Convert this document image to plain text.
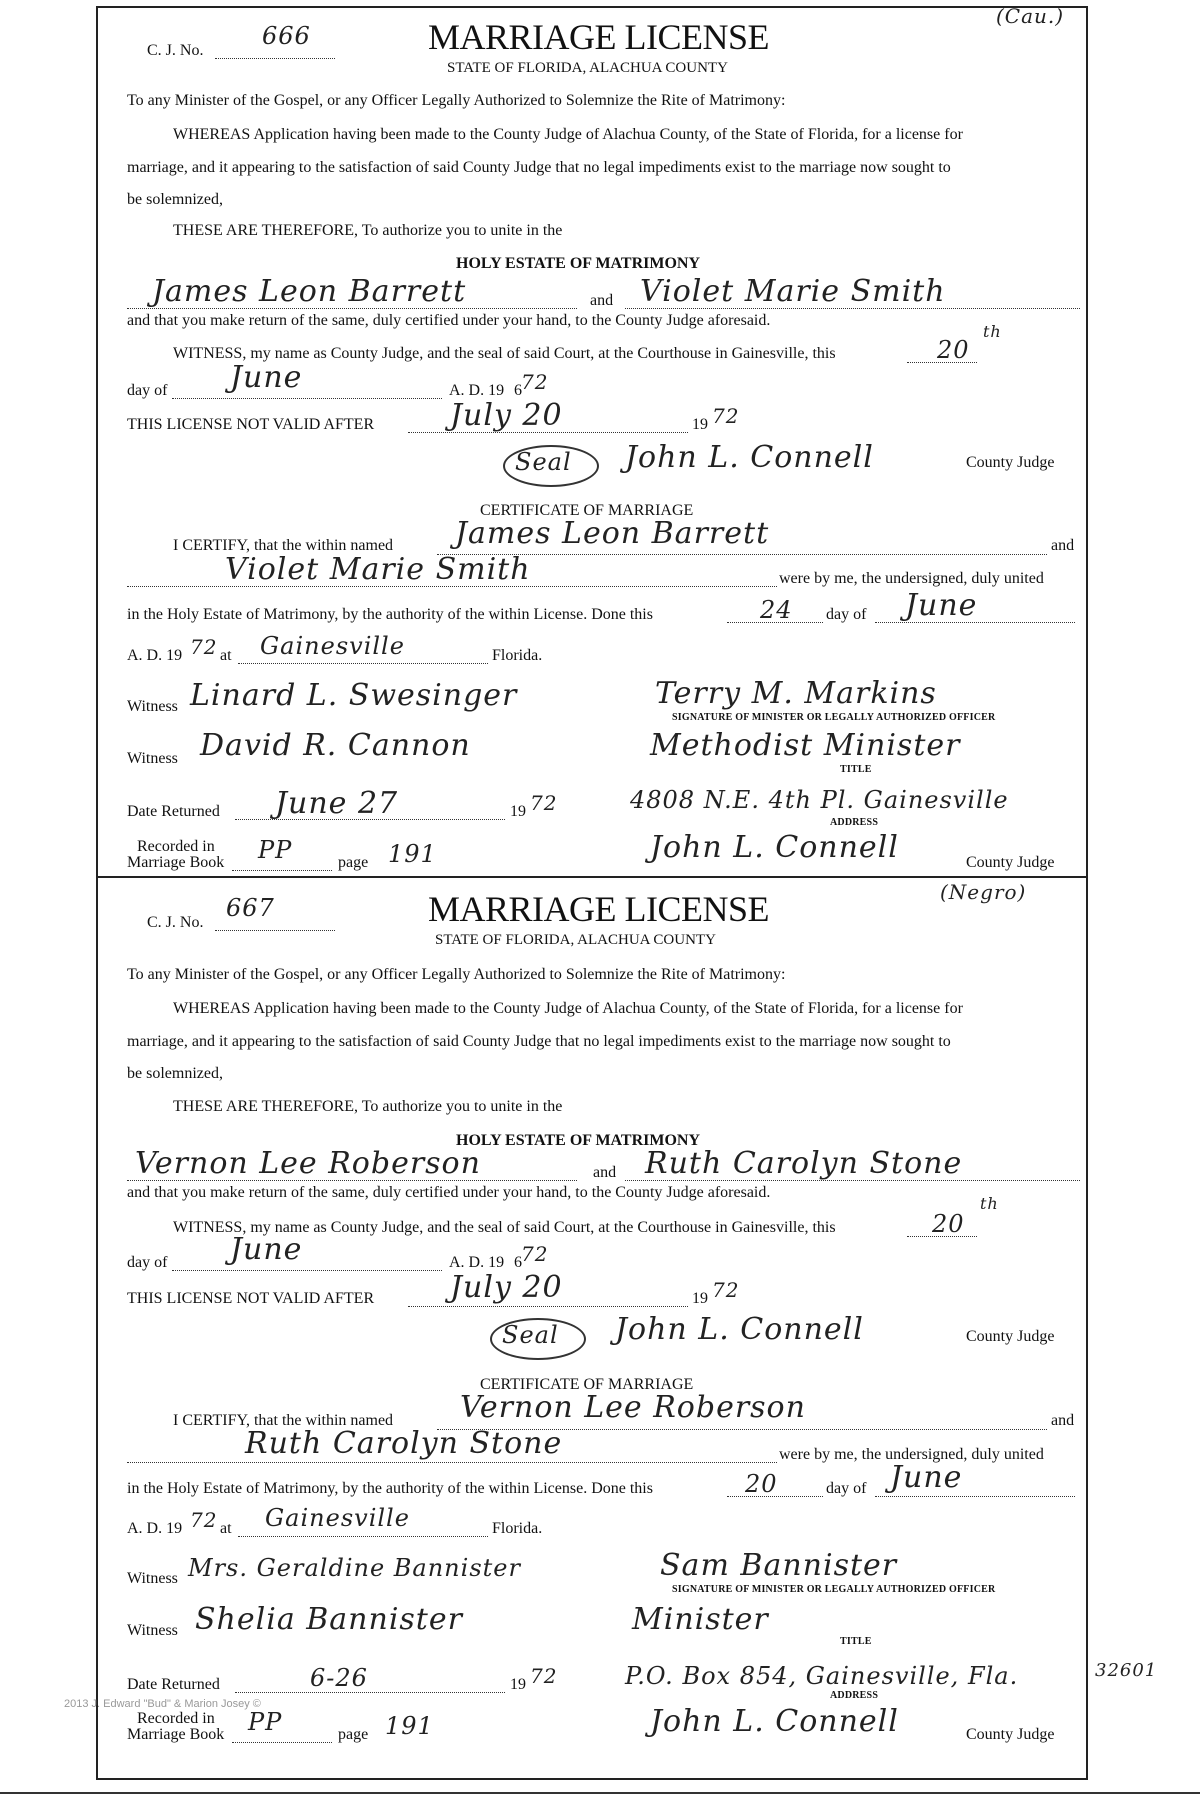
C. J. No.
666	MARRIAGE LICENSE
(Cau.)
STATE OF FLORIDA, ALACHUA COUNTY
To any Minister of the Gospel, or any Officer Legally Authorized to Solemnize the Rite of Matrimony:
WHEREAS Application having been made to the County Judge of Alachua County, of the State of Florida, for a license for
marriage, and it appearing to the satisfaction of said County Judge that no legal impediments exist to the marriage now sought to
be solemnized,
THESE ARE THEREFORE, To authorize you to unite in the
HOLY ESTATE OF MATRIMONY
James Leon Barrett	and Violet Marie Smith
and that you make return of the same, duly certified under your hand, to the County Judge aforesaid.
WITNESS, my name as County Judge, and the seal of said Court, at the Courthouse in Gainesville, this	20
th
day of June	A. D. 19 6 72
THIS LICENSE NOT VALID AFTER	July 20	19 72
Seal John L. Connell	County Judge
CERTIFICATE OF MARRIAGE
I CERTIFY, that the within named James Leon Barrett	and
Violet Marie Smith	were by me, the undersigned, duly united
in the Holy Estate of Matrimony, by the authority of the within License. Done this	24 day of June
A. D. 19 72 at Gainesville	Florida.
Witness Linard L. Swesinger	Terry M. Markins
SIGNATURE OF MINISTER OR LEGALLY AUTHORIZED OFFICER
Witness David R. Cannon	Methodist Minister
TITLE
Date Returned June 27	19 72	4808 N.E. 4th Pl. Gainesville
ADDRESS
Recorded in
Marriage Book PP	page 191	John L. Connell	County Judge
C. J. No.
667	MARRIAGE LICENSE	(Negro)
STATE OF FLORIDA, ALACHUA COUNTY
To any Minister of the Gospel, or any Officer Legally Authorized to Solemnize the Rite of Matrimony:
WHEREAS Application having been made to the County Judge of Alachua County, of the State of Florida, for a license for
marriage, and it appearing to the satisfaction of said County Judge that no legal impediments exist to the marriage now sought to
be solemnized,
THESE ARE THEREFORE, To authorize you to unite in the
HOLY ESTATE OF MATRIMONY
Vernon Lee Roberson	and Ruth Carolyn Stone
and that you make return of the same, duly certified under your hand, to the County Judge aforesaid.
WITNESS, my name as County Judge, and the seal of said Court, at the Courthouse in Gainesville, this	20
th
day of June	A. D. 19 6 72
THIS LICENSE NOT VALID AFTER	July 20	19 72
Seal John L. Connell	County Judge
CERTIFICATE OF MARRIAGE
I CERTIFY, that the within named Vernon Lee Roberson	and
Ruth Carolyn Stone	were by me, the undersigned, duly united
in the Holy Estate of Matrimony, by the authority of the within License. Done this	20	day of June
A. D. 19 72 at Gainesville	Florida.
Witness Mrs. Geraldine Bannister	Sam Bannister
SIGNATURE OF MINISTER OR LEGALLY AUTHORIZED OFFICER
Witness Shelia Bannister	Minister
TITLE
Date Returned	6-26	19 72	P.O. Box 854, Gainesville, Fla.	32601
ADDRESS
Recorded in
Marriage Book PP	page 191	John L. Connell	County Judge
2013 J. Edward "Bud" & Marion Josey ©
